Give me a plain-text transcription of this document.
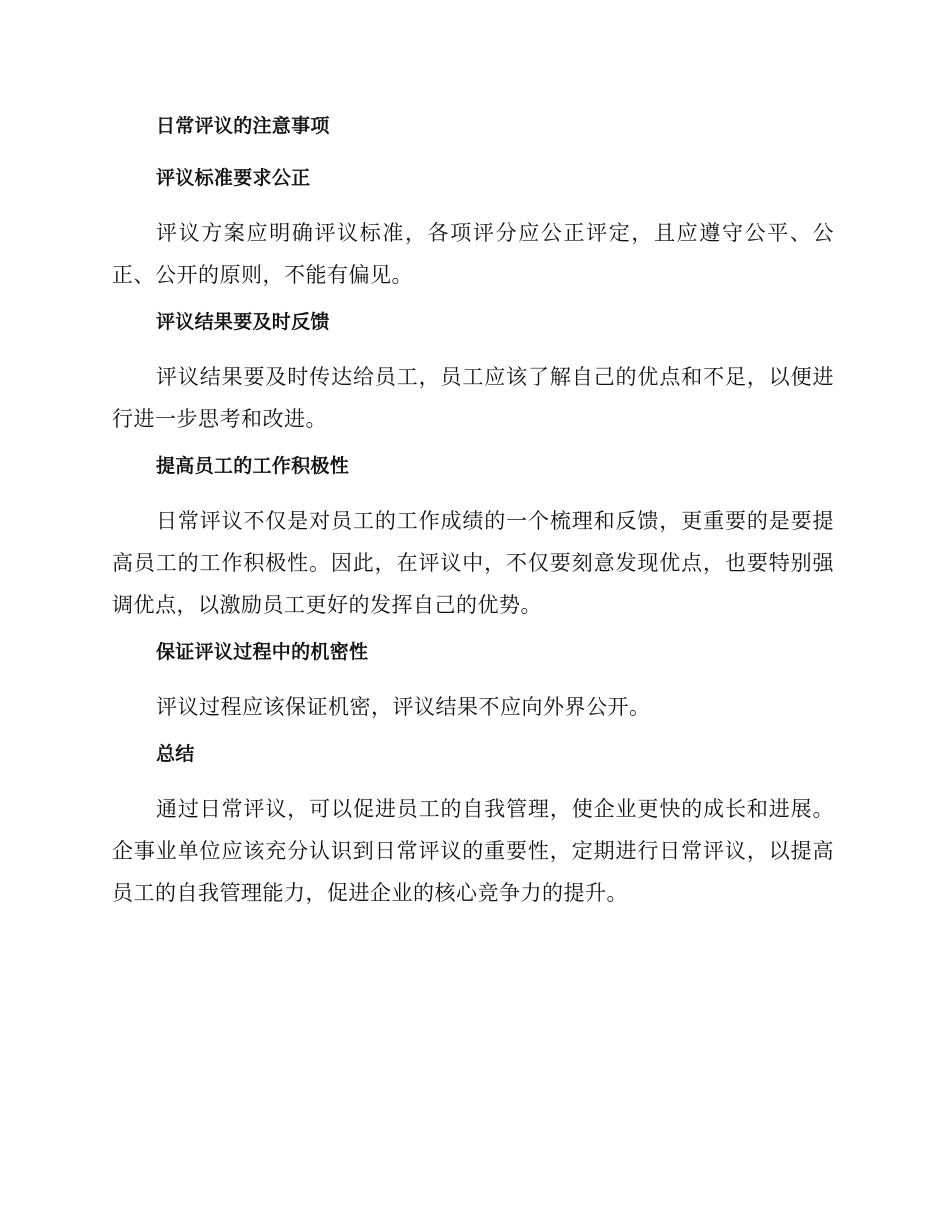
日常评议的注意事项
评议标准要求公正

评议方案应明确评议标准，各项评分应公正评定，且应遵守公平、公正、公开的原则，不能有偏见。

评议结果要及时反馈

评议结果要及时传达给员工，员工应该了解自己的优点和不足，以便进行进一步思考和改进。

提高员工的工作积极性

日常评议不仅是对员工的工作成绩的一个梳理和反馈，更重要的是要提高员工的工作积极性。因此，在评议中，不仅要刻意发现优点，也要特别强调优点，以激励员工更好的发挥自己的优势。

保证评议过程中的机密性

评议过程应该保证机密，评议结果不应向外界公开。

总结

通过日常评议，可以促进员工的自我管理，使企业更快的成长和进展。企事业单位应该充分认识到日常评议的重要性，定期进行日常评议，以提高员工的自我管理能力，促进企业的核心竞争力的提升。
